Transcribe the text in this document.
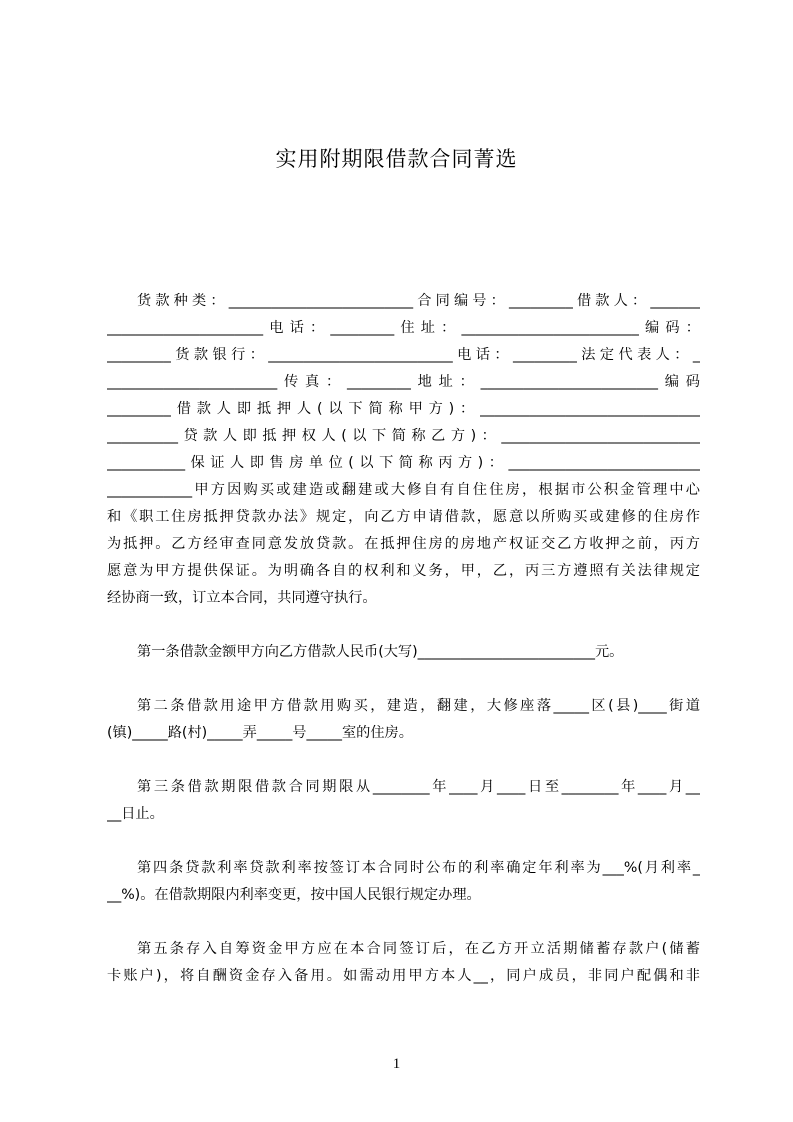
实用附期限借款合同菁选
货款种类：__________________________合同编号：_________借款人：_______
______________________电话：_________住址：_________________________编码：
_________货款银行：__________________________电话：_________法定代表人：_
________________________传真：_________地址：_________________________编码
_________借款人即抵押人(以下简称甲方)：_______________________________
__________贷款人即抵押权人(以下简称乙方)：____________________________
___________保证人即售房单位(以下简称丙方)：___________________________
____________甲方因购买或建造或翻建或大修自有自住住房，根据市公积金管理中心
和《职工住房抵押贷款办法》规定，向乙方申请借款，愿意以所购买或建修的住房作
为抵押。乙方经审查同意发放贷款。在抵押住房的房地产权证交乙方收押之前，丙方
愿意为甲方提供保证。为明确各自的权利和义务，甲，乙，丙三方遵照有关法律规定
经协商一致，订立本合同，共同遵守执行。
第一条借款金额甲方向乙方借款人民币(大写)_________________________元。
第二条借款用途甲方借款用购买，建造，翻建，大修座落_____区(县)____街道
(镇)_____路(村)_____弄_____号_____室的住房。
第三条借款期限借款合同期限从________年____月____日至________年____月__
__日止。
第四条贷款利率贷款利率按签订本合同时公布的利率确定年利率为___%(月利率_
__%)。在借款期限内利率变更，按中国人民银行规定办理。
第五条存入自筹资金甲方应在本合同签订后，在乙方开立活期储蓄存款户(储蓄
卡账户)，将自酬资金存入备用。如需动用甲方本人__，同户成员，非同户配偶和非
1
